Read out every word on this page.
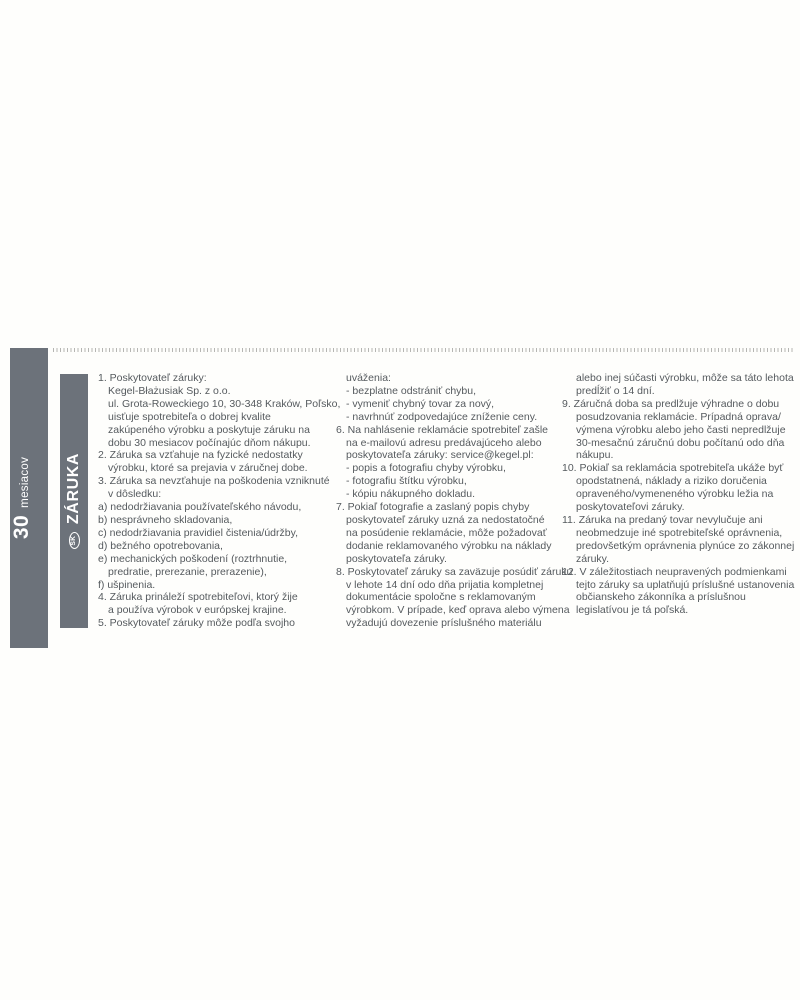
30
mesiacov
SK
ZÁRUKA
1. Poskytovateľ záruky:
Kegel-Błażusiak Sp. z o.o.
ul. Grota-Roweckiego 10, 30-348 Kraków, Poľsko,
uisťuje spotrebiteľa o dobrej kvalite
zakúpeného výrobku a poskytuje záruku na
dobu 30 mesiacov počínajúc dňom nákupu.
2. Záruka sa vzťahuje na fyzické nedostatky
výrobku, ktoré sa prejavia v záručnej dobe.
3. Záruka sa nevzťahuje na poškodenia vzniknuté
v dôsledku:
a) nedodržiavania používateľského návodu,
b) nesprávneho skladovania,
c) nedodržiavania pravidiel čistenia/údržby,
d) bežného opotrebovania,
e) mechanických poškodení (roztrhnutie,
predratie, prerezanie, prerazenie),
f) ušpinenia.
4. Záruka prináleží spotrebiteľovi, ktorý žije
a používa výrobok v európskej krajine.
5. Poskytovateľ záruky môže podľa svojho
uváženia:
- bezplatne odstrániť chybu,
- vymeniť chybný tovar za nový,
- navrhnúť zodpovedajúce zníženie ceny.
6. Na nahlásenie reklamácie spotrebiteľ zašle
na e-mailovú adresu predávajúceho alebo
poskytovateľa záruky: service@kegel.pl:
- popis a fotografiu chyby výrobku,
- fotografiu štítku výrobku,
- kópiu nákupného dokladu.
7. Pokiaľ fotografie a zaslaný popis chyby
poskytovateľ záruky uzná za nedostatočné
na posúdenie reklamácie, môže požadovať
dodanie reklamovaného výrobku na náklady
poskytovateľa záruky.
8. Poskytovateľ záruky sa zaväzuje posúdiť záruku
v lehote 14 dní odo dňa prijatia kompletnej
dokumentácie spoločne s reklamovaným
výrobkom. V prípade, keď oprava alebo výmena
vyžadujú dovezenie príslušného materiálu
alebo inej súčasti výrobku, môže sa táto lehota
predĺžiť o 14 dní.
9. Záručná doba sa predlžuje výhradne o dobu
posudzovania reklamácie. Prípadná oprava/
výmena výrobku alebo jeho časti nepredlžuje
30-mesačnú záručnú dobu počítanú odo dňa
nákupu.
10. Pokiaľ sa reklamácia spotrebiteľa ukáže byť
opodstatnená, náklady a riziko doručenia
opraveného/vymeneného výrobku ležia na
poskytovateľovi záruky.
11. Záruka na predaný tovar nevylučuje ani
neobmedzuje iné spotrebiteľské oprávnenia,
predovšetkým oprávnenia plynúce zo zákonnej
záruky.
12. V záležitostiach neupravených podmienkami
tejto záruky sa uplatňujú príslušné ustanovenia
občianskeho zákonníka a príslušnou
legislatívou je tá poľská.
